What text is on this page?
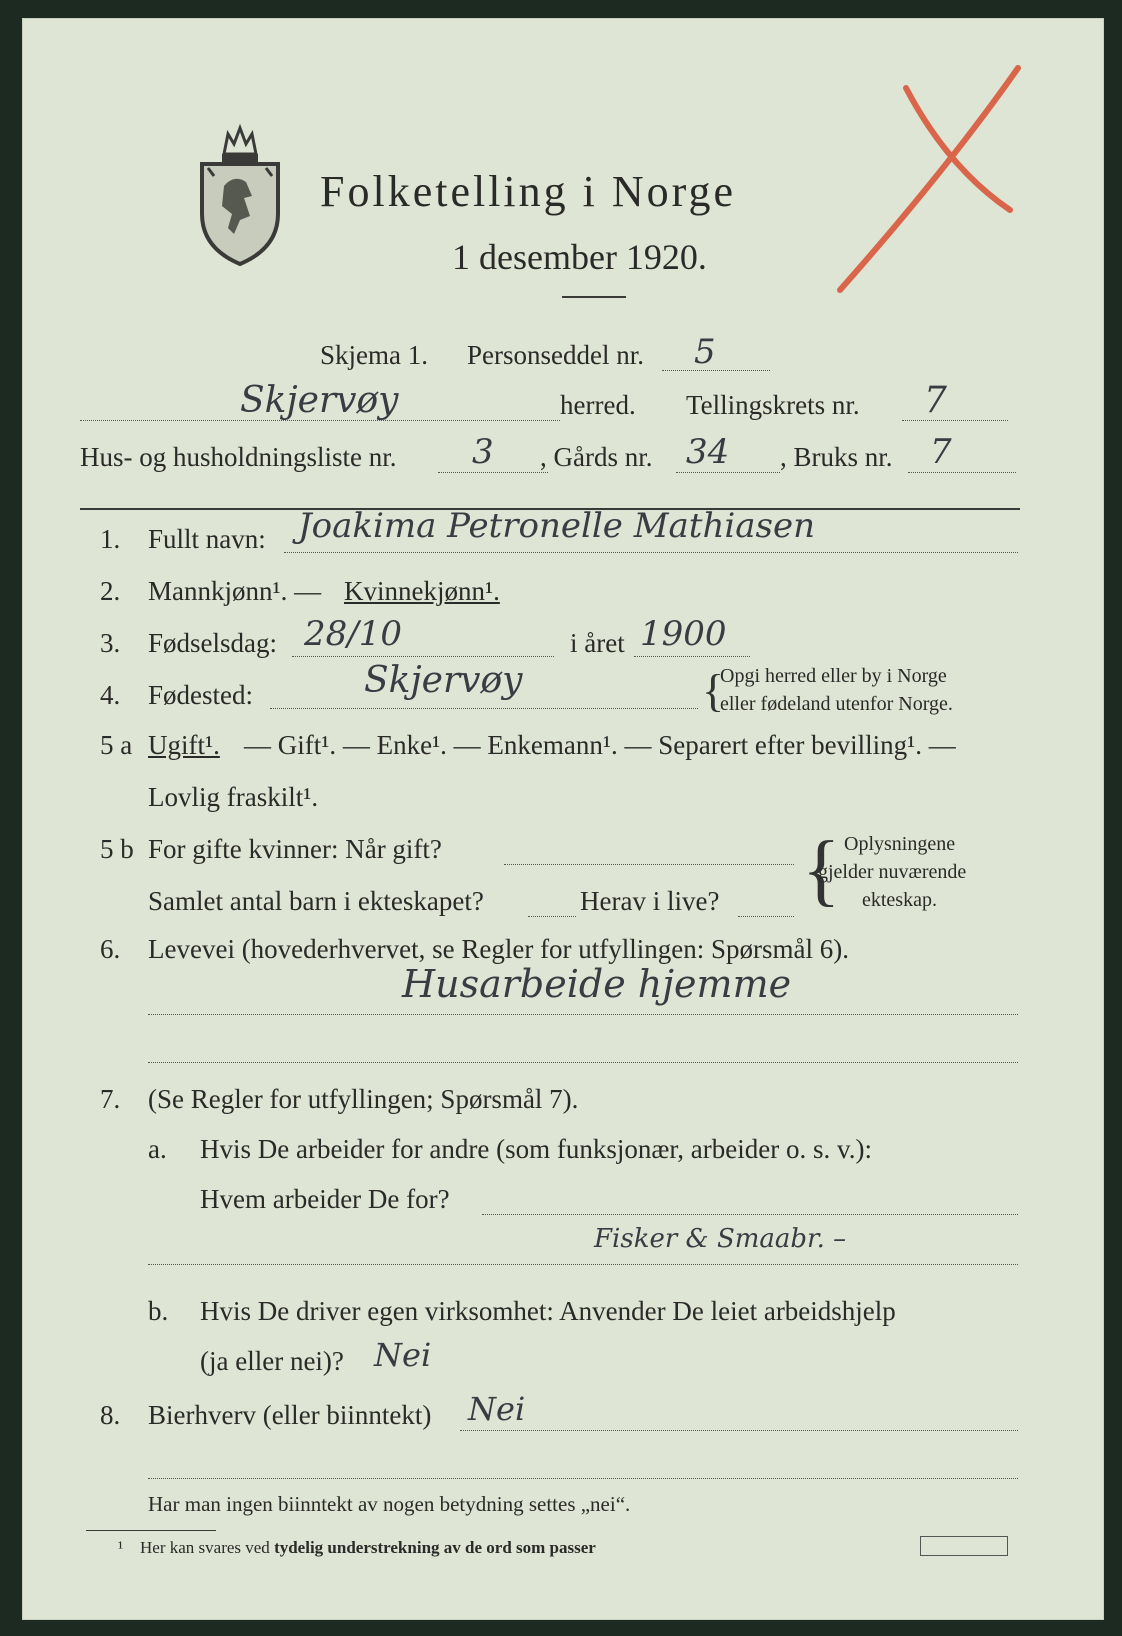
Folketelling i Norge
1 desember 1920.
Skjema 1. Personseddel nr. 5
Skjervøy	herred. Tellingskrets nr. 7
Hus- og husholdningsliste nr. 3 , Gårds nr. 34 , Bruks nr. 7
1. Fullt navn: Joakima Petronelle Mathiasen
2. Mannkjønn¹. — Kvinnekjønn¹.
3. Fødselsdag: 28/10	i året 1900
4. Fødested:	Skjervøy	{
Opgi herred eller by i Norge
eller fødeland utenfor Norge.
5 a Ugift¹. — Gift¹. — Enke¹. — Enkemann¹. — Separert efter bevilling¹. —
Lovlig fraskilt¹.
5 b For gifte kvinner: Når gift?
Samlet antal barn i ekteskapet?	Herav i live? { Oplysningene
gjelder nuværende
ekteskap.
6. Levevei (hovederhvervet, se Regler for utfyllingen: Spørsmål 6).
Husarbeide hjemme
7. (Se Regler for utfyllingen; Spørsmål 7).
a. Hvis De arbeider for andre (som funksjonær, arbeider o. s. v.):
Hvem arbeider De for?
Fisker & Smaabr. –
b. Hvis De driver egen virksomhet: Anvender De leiet arbeidshjelp
(ja eller nei)? Nei
8. Bierhverv (eller biinntekt) Nei
Har man ingen biinntekt av nogen betydning settes „nei“.
¹ Her kan svares ved tydelig understrekning av de ord som passer
